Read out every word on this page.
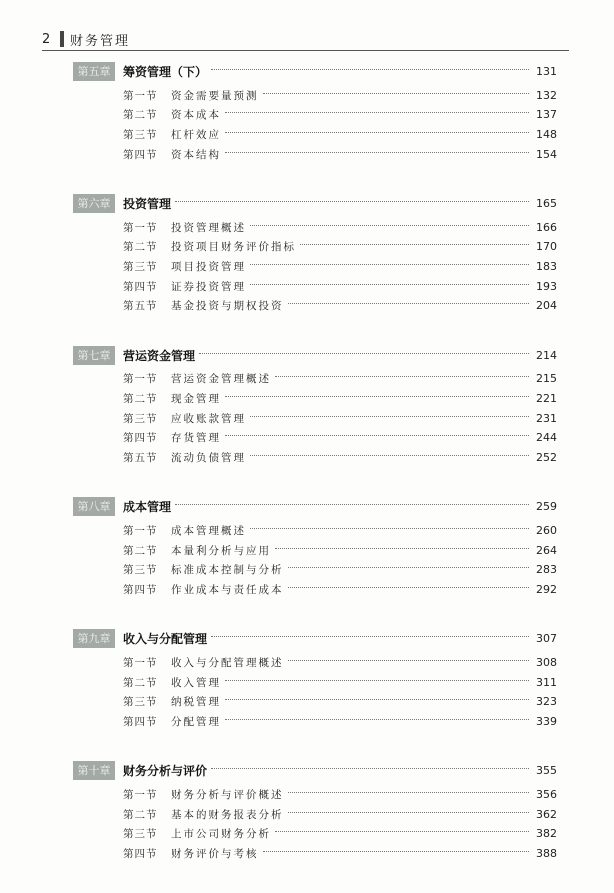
2	财务管理
第五章	筹资管理（下）	131
第一节	资金需要量预测	132
第二节	资本成本	137
第三节	杠杆效应	148
第四节	资本结构	154
第六章	投资管理	165
第一节	投资管理概述	166
第二节	投资项目财务评价指标	170
第三节	项目投资管理	183
第四节	证券投资管理	193
第五节	基金投资与期权投资	204
第七章	营运资金管理	214
第一节	营运资金管理概述	215
第二节	现金管理	221
第三节	应收账款管理	231
第四节	存货管理	244
第五节	流动负债管理	252
第八章	成本管理	259
第一节	成本管理概述	260
第二节	本量利分析与应用	264
第三节	标准成本控制与分析	283
第四节	作业成本与责任成本	292
第九章	收入与分配管理	307
第一节	收入与分配管理概述	308
第二节	收入管理	311
第三节	纳税管理	323
第四节	分配管理	339
第十章	财务分析与评价	355
第一节	财务分析与评价概述	356
第二节	基本的财务报表分析	362
第三节	上市公司财务分析	382
第四节	财务评价与考核	388
